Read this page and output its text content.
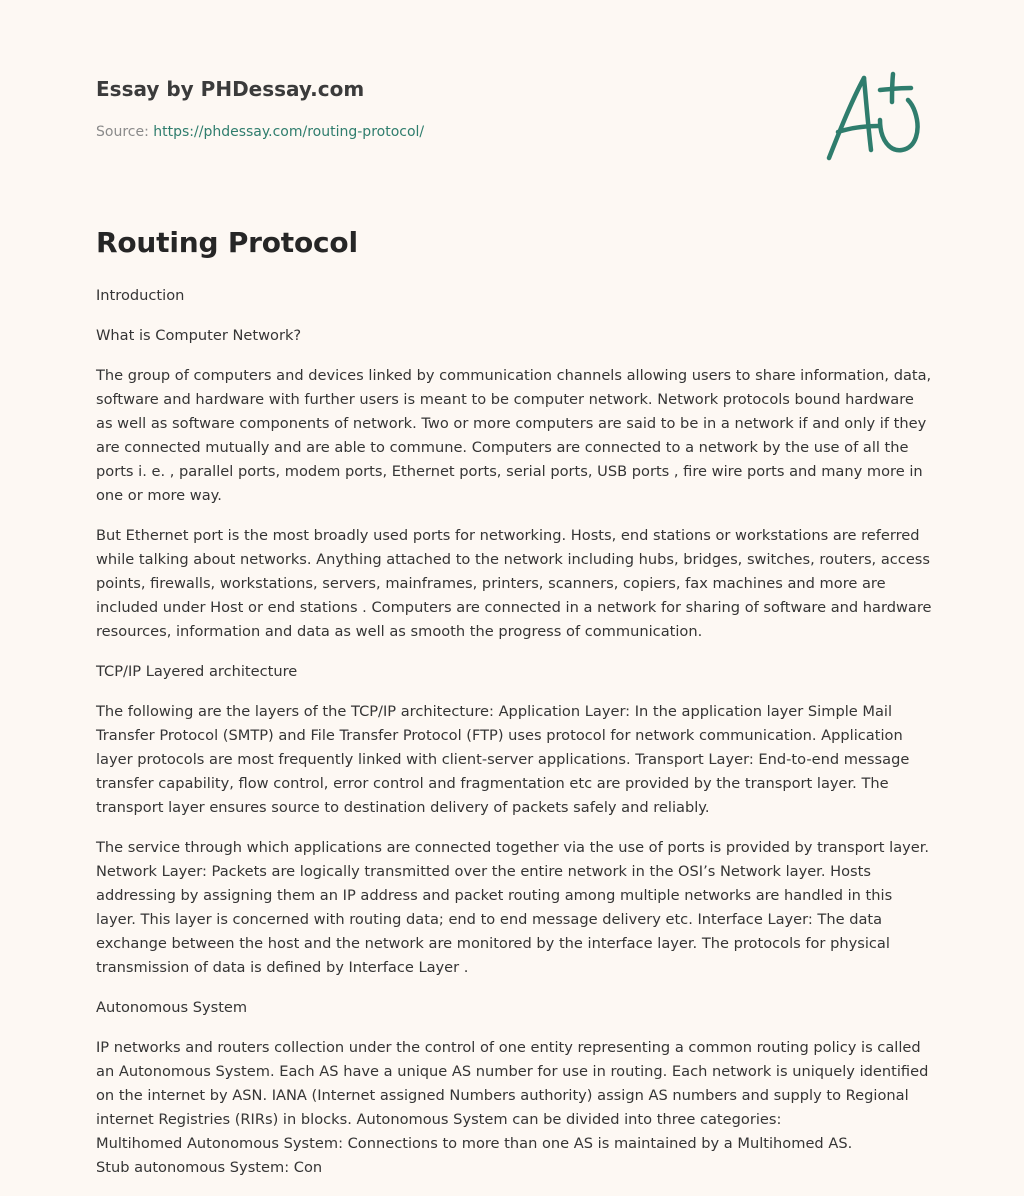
Essay by PHDessay.com

Source: https://phdessay.com/routing-protocol/

Routing Protocol

Introduction

What is Computer Network?

The group of computers and devices linked by communication channels allowing users to share information, data, software and hardware with further users is meant to be computer network. Network protocols bound hardware as well as software components of network. Two or more computers are said to be in a network if and only if they are connected mutually and are able to commune. Computers are connected to a network by the use of all the ports i. e. , parallel ports, modem ports, Ethernet ports, serial ports, USB ports , fire wire ports and many more in one or more way.

But Ethernet port is the most broadly used ports for networking. Hosts, end stations or workstations are referred while talking about networks. Anything attached to the network including hubs, bridges, switches, routers, access points, firewalls, workstations, servers, mainframes, printers, scanners, copiers, fax machines and more are included under Host or end stations . Computers are connected in a network for sharing of software and hardware resources, information and data as well as smooth the progress of communication.

TCP/IP Layered architecture

The following are the layers of the TCP/IP architecture: Application Layer: In the application layer Simple Mail Transfer Protocol (SMTP) and File Transfer Protocol (FTP) uses protocol for network communication. Application layer protocols are most frequently linked with client-server applications. Transport Layer: End-to-end message transfer capability, flow control, error control and fragmentation etc are provided by the transport layer. The transport layer ensures source to destination delivery of packets safely and reliably.

The service through which applications are connected together via the use of ports is provided by transport layer. Network Layer: Packets are logically transmitted over the entire network in the OSI’s Network layer. Hosts addressing by assigning them an IP address and packet routing among multiple networks are handled in this layer. This layer is concerned with routing data; end to end message delivery etc. Interface Layer: The data exchange between the host and the network are monitored by the interface layer. The protocols for physical transmission of data is defined by Interface Layer .

Autonomous System

IP networks and routers collection under the control of one entity representing a common routing policy is called an Autonomous System. Each AS have a unique AS number for use in routing. Each network is uniquely identified on the internet by ASN. IANA (Internet assigned Numbers authority) assign AS numbers and supply to Regional internet Registries (RIRs) in blocks. Autonomous System can be divided into three categories:

Multihomed Autonomous System: Connections to more than one AS is maintained by a Multihomed AS.

Stub autonomous System: Con
